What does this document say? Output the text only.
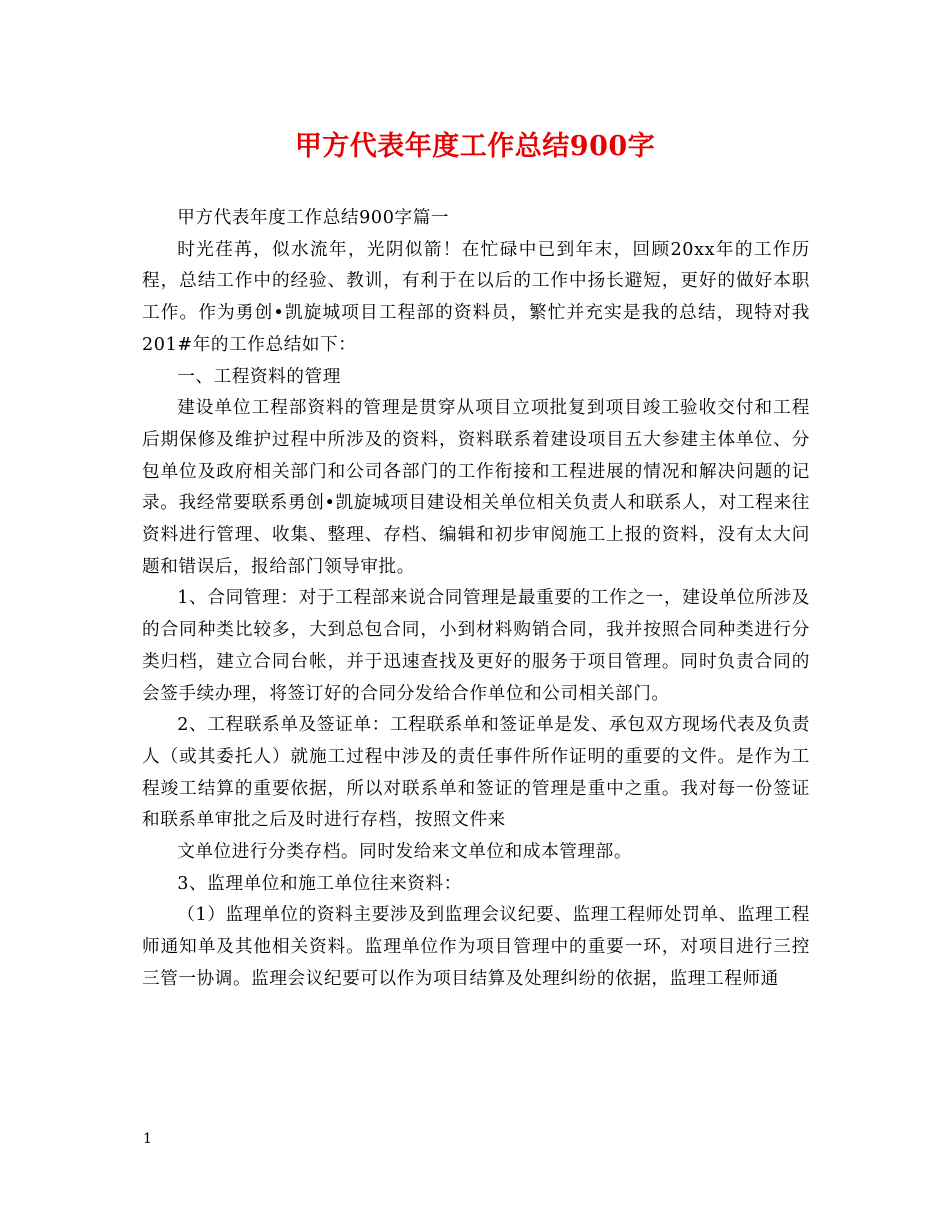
甲方代表年度工作总结900字

甲方代表年度工作总结900字篇一

时光荏苒，似水流年，光阴似箭！在忙碌中已到年末，回顾20xx年的工作历程，总结工作中的经验、教训，有利于在以后的工作中扬长避短，更好的做好本职工作。作为勇创•凯旋城项目工程部的资料员，繁忙并充实是我的总结，现特对我201#年的工作总结如下：

一、工程资料的管理

建设单位工程部资料的管理是贯穿从项目立项批复到项目竣工验收交付和工程后期保修及维护过程中所涉及的资料，资料联系着建设项目五大参建主体单位、分包单位及政府相关部门和公司各部门的工作衔接和工程进展的情况和解决问题的记录。我经常要联系勇创•凯旋城项目建设相关单位相关负责人和联系人，对工程来往资料进行管理、收集、整理、存档、编辑和初步审阅施工上报的资料，没有太大问题和错误后，报给部门领导审批。

1、合同管理：对于工程部来说合同管理是最重要的工作之一，建设单位所涉及的合同种类比较多，大到总包合同，小到材料购销合同，我并按照合同种类进行分类归档，建立合同台帐，并于迅速查找及更好的服务于项目管理。同时负责合同的会签手续办理，将签订好的合同分发给合作单位和公司相关部门。

2、工程联系单及签证单：工程联系单和签证单是发、承包双方现场代表及负责人（或其委托人）就施工过程中涉及的责任事件所作证明的重要的文件。是作为工程竣工结算的重要依据，所以对联系单和签证的管理是重中之重。我对每一份签证和联系单审批之后及时进行存档，按照文件来

文单位进行分类存档。同时发给来文单位和成本管理部。

3、监理单位和施工单位往来资料：

（1）监理单位的资料主要涉及到监理会议纪要、监理工程师处罚单、监理工程师通知单及其他相关资料。监理单位作为项目管理中的重要一环，对项目进行三控三管一协调。监理会议纪要可以作为项目结算及处理纠纷的依据，监理工程师通

1
